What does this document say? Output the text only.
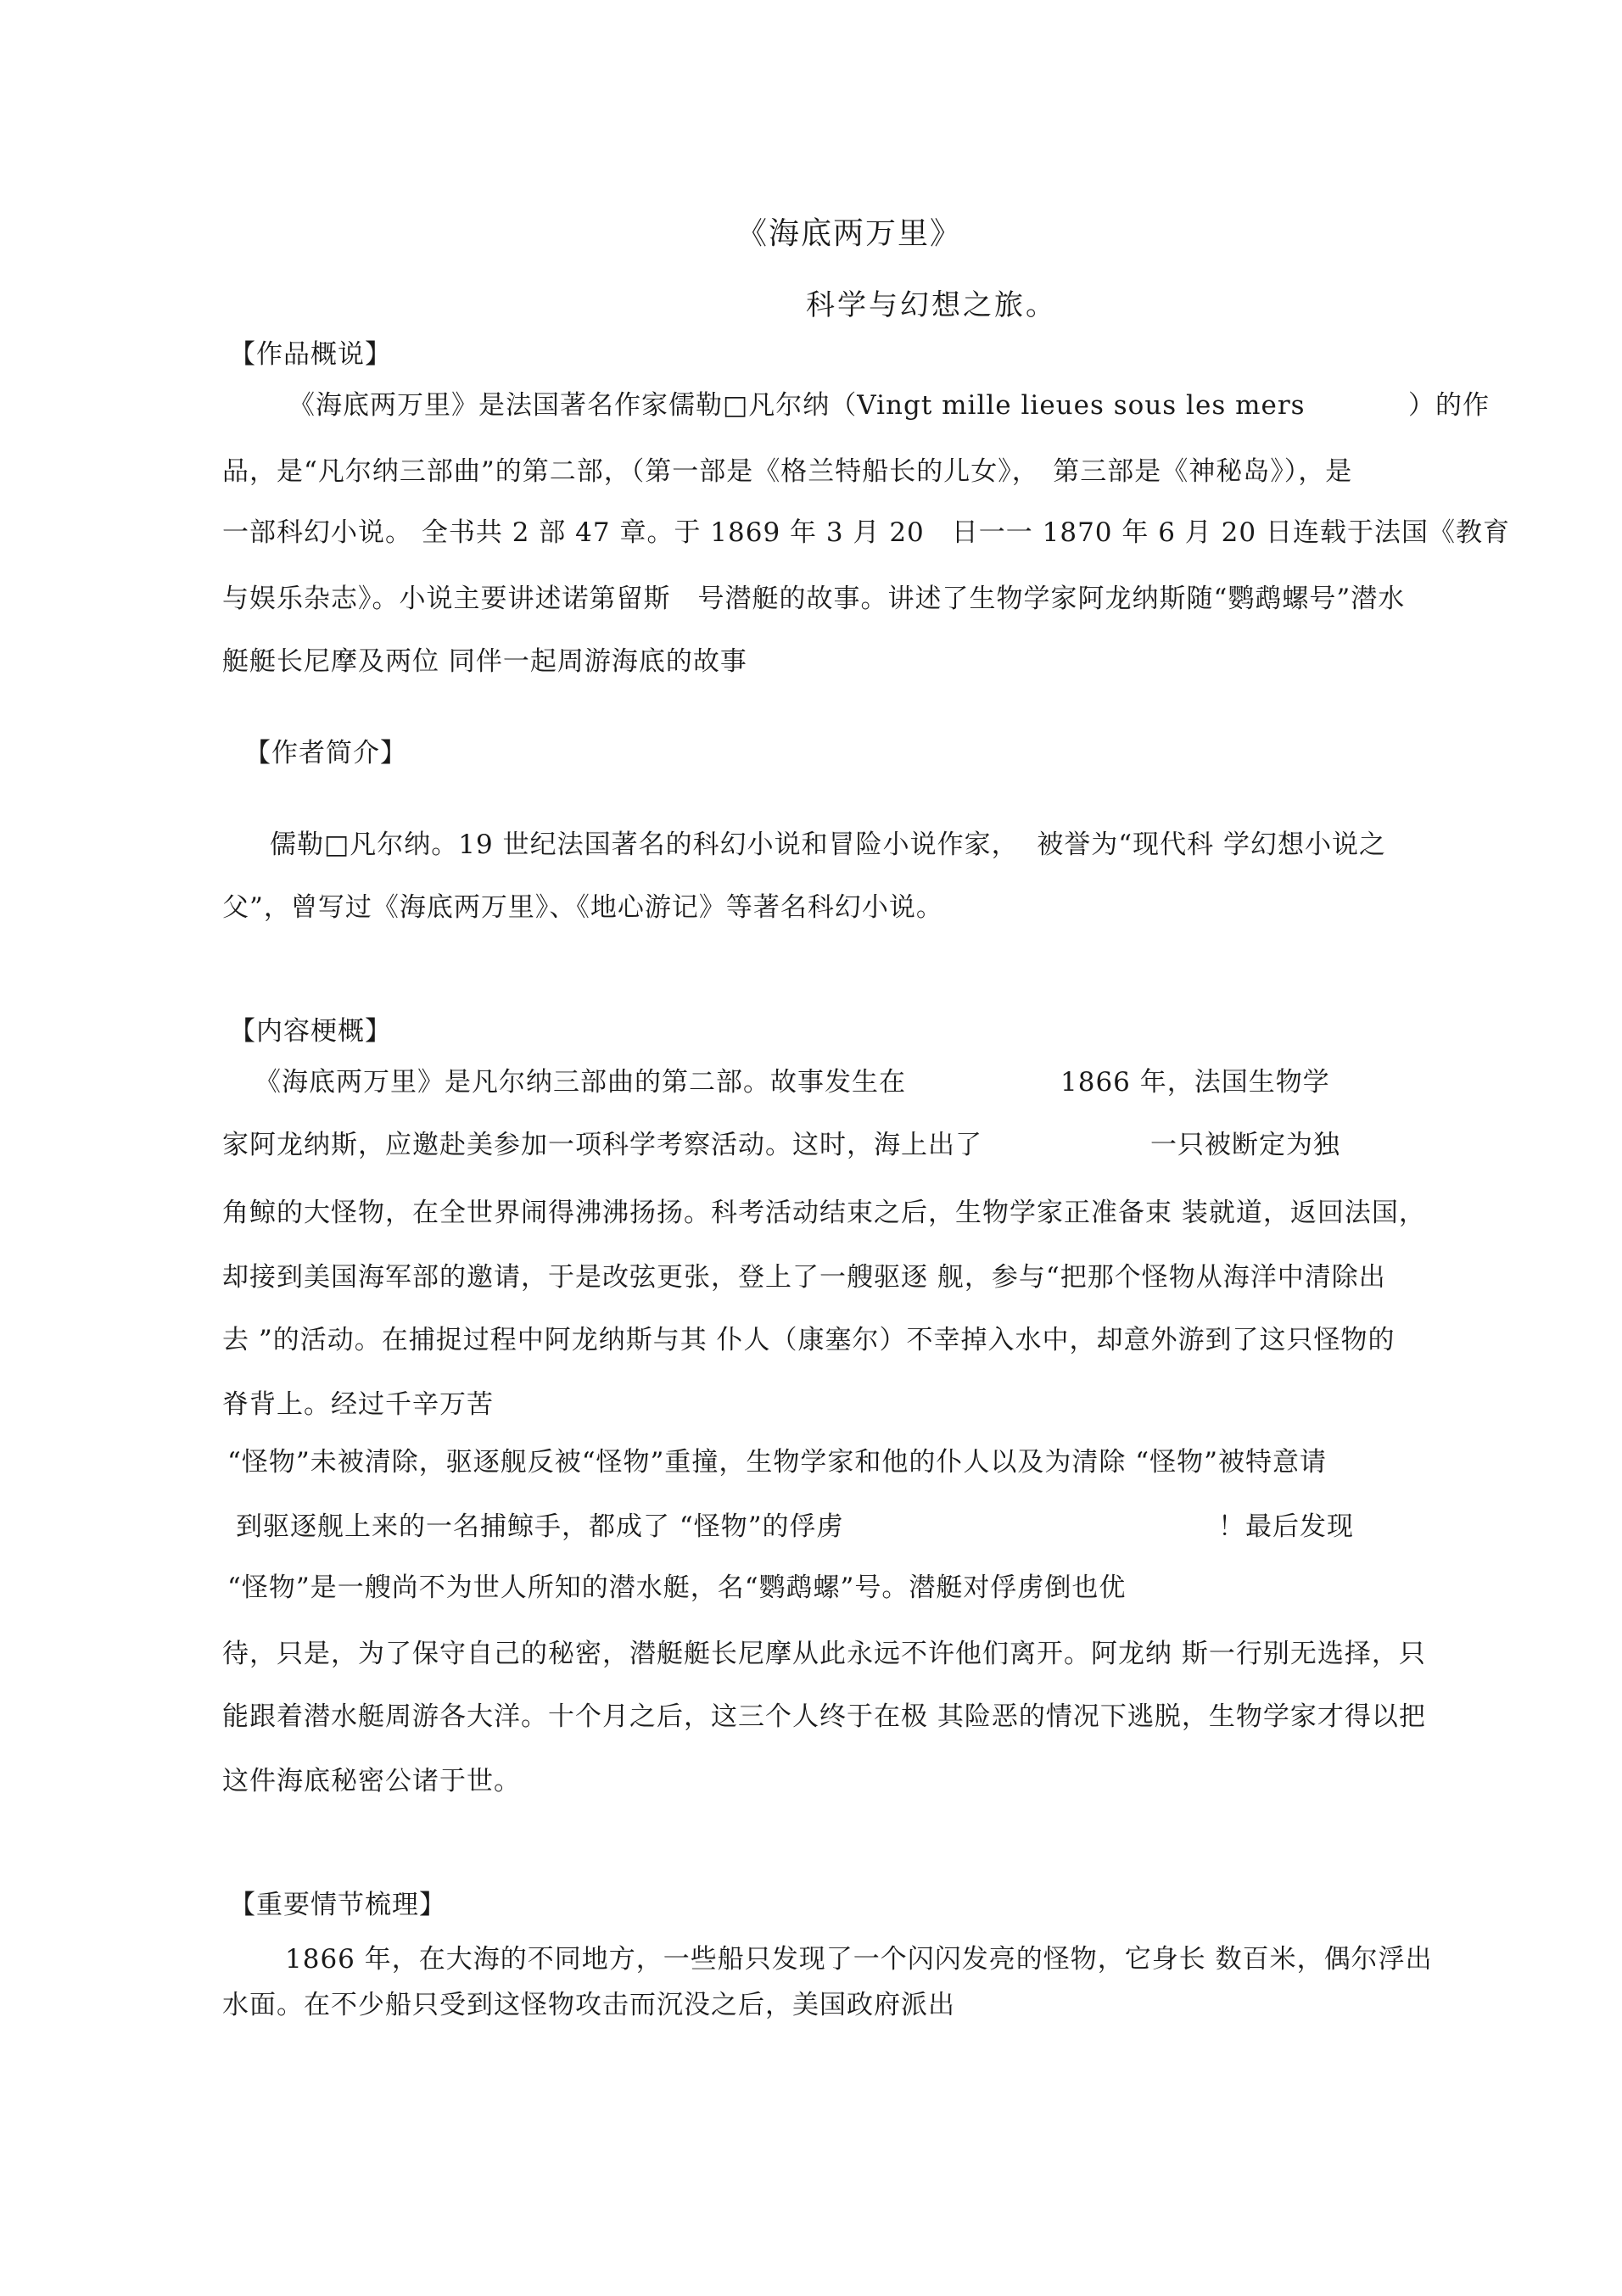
《海底两万里》
科学与幻想之旅。
【作品概说】
《海底两万里》是法国著名作家儒勒□凡尔纳（Vingt mille lieues sous les mers	）的作
品，是“凡尔纳三部曲”的第二部，（第一部是《格兰特船长的儿女》，　第三部是《神秘岛》），是
一部科幻小说。 全书共 2 部 47 章。于 1869 年 3 月 20　日一一 1870 年 6 月 20 日连载于法国《教育
与娱乐杂志》。小说主要讲述诺第留斯　号潜艇的故事。讲述了生物学家阿龙纳斯随“鹦鹉螺号”潜水
艇艇长尼摩及两位 同伴一起周游海底的故事
【作者简介】
儒勒□凡尔纳。19 世纪法国著名的科幻小说和冒险小说作家，  被誉为“现代科 学幻想小说之
父”，曾写过《海底两万里》、《地心游记》等著名科幻小说。
【内容梗概】
《海底两万里》是凡尔纳三部曲的第二部。故事发生在	1866 年，法国生物学
家阿龙纳斯，应邀赴美参加一项科学考察活动。这时，海上出了	一只被断定为独
角鲸的大怪物，在全世界闹得沸沸扬扬。科考活动结束之后，生物学家正准备束 装就道，返回法国，
却接到美国海军部的邀请，于是改弦更张，登上了一艘驱逐 舰，参与“把那个怪物从海洋中清除出
去 ”的活动。在捕捉过程中阿龙纳斯与其 仆人（康塞尔）不幸掉入水中，却意外游到了这只怪物的
脊背上。经过千辛万苦
“怪物”未被清除，驱逐舰反被“怪物”重撞，生物学家和他的仆人以及为清除 “怪物”被特意请
到驱逐舰上来的一名捕鲸手，都成了 “怪物”的俘虏	！最后发现
“怪物”是一艘尚不为世人所知的潜水艇，名“鹦鹉螺”号。潜艇对俘虏倒也优
待，只是，为了保守自己的秘密，潜艇艇长尼摩从此永远不许他们离开。阿龙纳 斯一行别无选择，只
能跟着潜水艇周游各大洋。十个月之后，这三个人终于在极 其险恶的情况下逃脱，生物学家才得以把
这件海底秘密公诸于世。
【重要情节梳理】
1866 年，在大海的不同地方，一些船只发现了一个闪闪发亮的怪物，它身长 数百米，偶尔浮出
水面。在不少船只受到这怪物攻击而沉没之后，美国政府派出
